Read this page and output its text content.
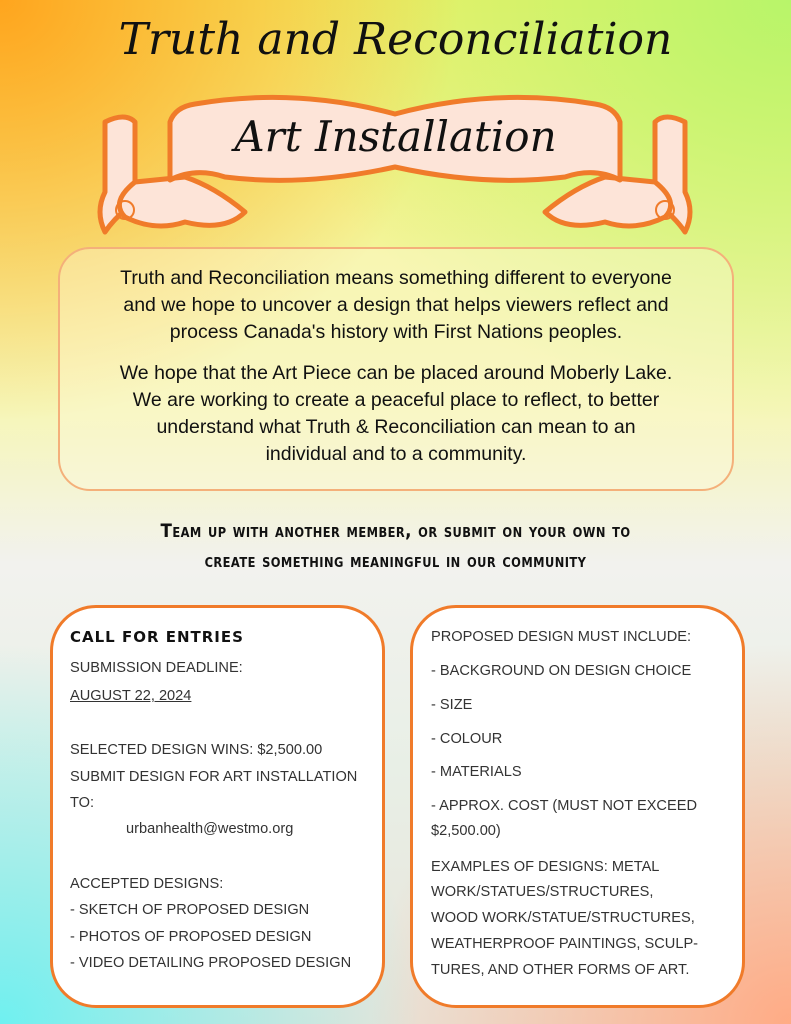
Truth and Reconciliation
Art Installation
Truth and Reconciliation means something different to everyone
and we hope to uncover a design that helps viewers reflect and
process Canada's history with First Nations peoples.
We hope that the Art Piece can be placed around Moberly Lake.
We are working to create a peaceful place to reflect, to better
understand what Truth & Reconciliation can mean to an
individual and to a community.
Team up with another member, or submit on your own to
create something meaningful in our community
CALL FOR ENTRIES
SUBMISSION DEADLINE:
AUGUST 22, 2024
SELECTED DESIGN WINS: $2,500.00
SUBMIT DESIGN FOR ART INSTALLATION
TO:
urbanhealth@westmo.org
ACCEPTED DESIGNS:
- SKETCH OF PROPOSED DESIGN
- PHOTOS OF PROPOSED DESIGN
- VIDEO DETAILING PROPOSED DESIGN
PROPOSED DESIGN MUST INCLUDE:
- BACKGROUND ON DESIGN CHOICE
- SIZE
- COLOUR
- MATERIALS
- APPROX. COST (MUST NOT EXCEED
$2,500.00)
EXAMPLES OF DESIGNS: METAL
WORK/STATUES/STRUCTURES,
WOOD WORK/STATUE/STRUCTURES,
WEATHERPROOF PAINTINGS, SCULP-
TURES, AND OTHER FORMS OF ART.
